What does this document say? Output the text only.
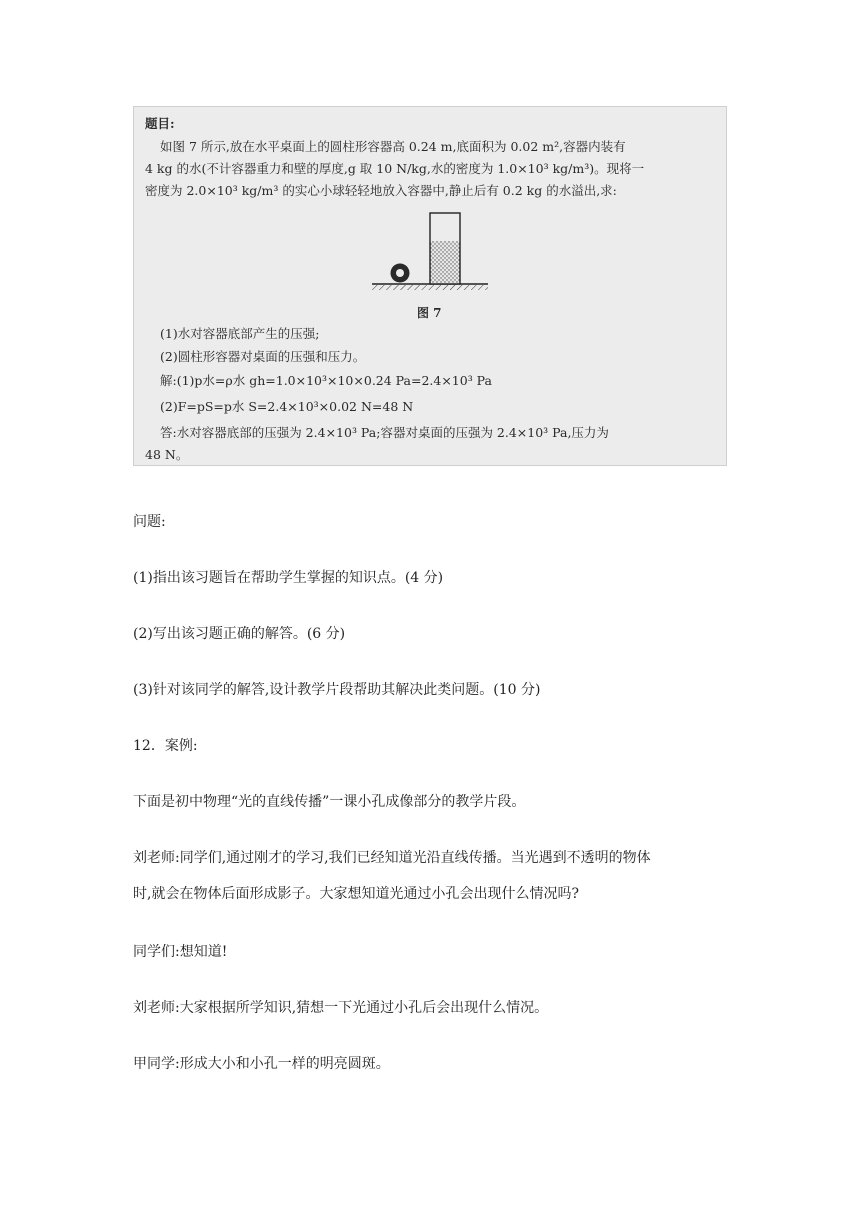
题目:
如图 7 所示,放在水平桌面上的圆柱形容器高 0.24 m,底面积为 0.02 m²,容器内装有
4 kg 的水(不计容器重力和壁的厚度,g 取 10 N/kg,水的密度为 1.0×10³ kg/m³)。现将一
密度为 2.0×10³ kg/m³ 的实心小球轻轻地放入容器中,静止后有 0.2 kg 的水溢出,求:
图 7
(1)水对容器底部产生的压强;
(2)圆柱形容器对桌面的压强和压力。
解:(1)p水=ρ水 gh=1.0×10³×10×0.24 Pa=2.4×10³ Pa
(2)F=pS=p水 S=2.4×10³×0.02 N=48 N
答:水对容器底部的压强为 2.4×10³ Pa;容器对桌面的压强为 2.4×10³ Pa,压力为
48 N。
问题:
(1)指出该习题旨在帮助学生掌握的知识点。(4 分)
(2)写出该习题正确的解答。(6 分)
(3)针对该同学的解答,设计教学片段帮助其解决此类问题。(10 分)
12．案例:
下面是初中物理“光的直线传播”一课小孔成像部分的教学片段。
刘老师:同学们,通过刚才的学习,我们已经知道光沿直线传播。当光遇到不透明的物体
时,就会在物体后面形成影子。大家想知道光通过小孔会出现什么情况吗?
同学们:想知道!
刘老师:大家根据所学知识,猜想一下光通过小孔后会出现什么情况。
甲同学:形成大小和小孔一样的明亮圆斑。
